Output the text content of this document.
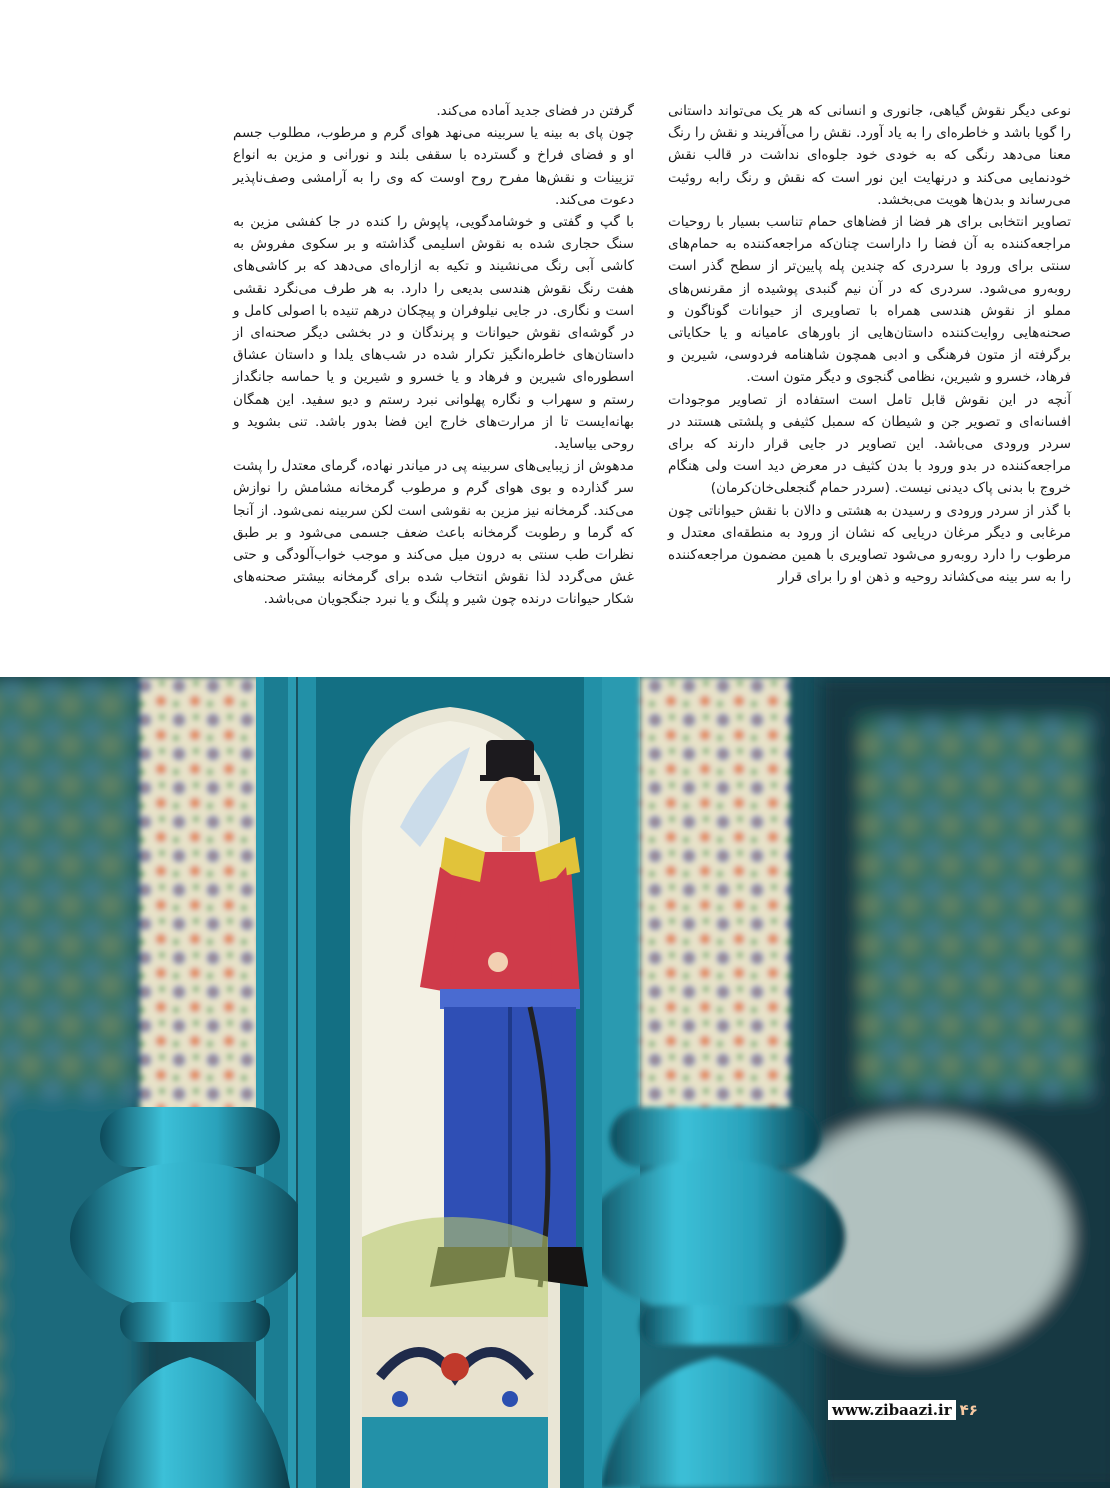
نوعی دیگر نقوش گیاهی، جانوری و انسانی که هر یک می‌تواند داستانی را گویا باشد و خاطره‌ای را به یاد آورد. نقش را می‌آفریند و نقش را رنگ معنا می‌دهد رنگی که به خودی خود جلوه‌ای نداشت در قالب نقش خودنمایی می‌کند و درنهایت این نور است که نقش و رنگ رابه روئیت می‌رساند و بدن‌ها هویت می‌بخشد.

تصاویر انتخابی برای هر فضا از فضاهای حمام تناسب بسیار با روحیات مراجعه‌کننده به آن فضا را داراست چنان‌که مراجعه‌کننده به حمام‌های سنتی برای ورود با سردری که چندین پله پایین‌تر از سطح گذر است روبه‌رو می‌شود. سردری که در آن نیم گنبدی پوشیده از مقرنس‌های مملو از نقوش هندسی همراه با تصاویری از حیوانات گوناگون و صحنه‌هایی روایت‌کننده داستان‌هایی از باورهای عامیانه و یا حکایاتی برگرفته از متون فرهنگی و ادبی همچون شاهنامه فردوسی، شیرین و فرهاد، خسرو و شیرین، نظامی گنجوی و دیگر متون است.

آنچه در این نقوش قابل تامل است استفاده از تصاویر موجودات افسانه‌ای و تصویر جن و شیطان که سمبل کثیفی و پلشتی هستند در سردر ورودی می‌باشد. این تصاویر در جایی قرار دارند که برای مراجعه‌کننده در بدو ورود با بدن کثیف در معرض دید است ولی هنگام خروج با بدنی پاک دیدنی نیست. (سردر حمام گنجعلی‌خان‌کرمان)

با گذر از سردر ورودی و رسیدن به هشتی و دالان با نقش حیواناتی چون مرغابی و دیگر مرغان دریایی که نشان از ورود به منطقه‌ای معتدل و مرطوب را دارد روبه‌رو می‌شود تصاویری با همین مضمون مراجعه‌کننده را به سر بینه می‌کشاند روحیه و ذهن او را برای قرار

گرفتن در فضای جدید آماده می‌کند.

چون پای به بینه یا سربینه می‌نهد هوای گرم و مرطوب، مطلوب جسم او و فضای فراخ و گسترده با سقفی بلند و نورانی و مزین به انواع تزیینات و نقش‌ها مفرح روح اوست که وی را به آرامشی وصف‌ناپذیر دعوت می‌کند.

با گپ و گفتی و خوشامدگویی، پاپوش را کنده در جا کفشی مزین به سنگ حجاری شده به نقوش اسلیمی گذاشته و بر سکوی مفروش به کاشی آبی رنگ می‌نشیند و تکیه به ازاره‌ای می‌دهد که بر کاشی‌های هفت رنگ نقوش هندسی بدیعی را دارد. به هر طرف می‌نگرد نقشی است و نگاری. در جایی نیلوفران و پیچکان درهم تنیده با اصولی کامل و در گوشه‌ای نقوش حیوانات و پرندگان و در بخشی دیگر صحنه‌ای از داستان‌های خاطره‌انگیز تکرار شده در شب‌های یلدا و داستان عشاق اسطوره‌ای شیرین و فرهاد و یا خسرو و شیرین و یا حماسه جانگداز رستم و سهراب و نگاره پهلوانی نبرد رستم و دیو سفید. این همگان بهانه‌ایست تا از مرارت‌های خارج این فضا بدور باشد. تنی بشوید و روحی بیاساید.

مدهوش از زیبایی‌های سربینه پی در میاندر نهاده، گرمای معتدل را پشت سر گذارده و بوی هوای گرم و مرطوب گرمخانه مشامش را نوازش می‌کند. گرمخانه نیز مزین به نقوشی است لکن سربینه نمی‌شود. از آنجا که گرما و رطوبت گرمخانه باعث ضعف جسمی می‌شود و بر طبق نظرات طب سنتی به درون میل می‌کند و موجب خواب‌آلودگی و حتی غش می‌گردد لذا نقوش انتخاب شده برای گرمخانه بیشتر صحنه‌های شکار حیوانات درنده چون شیر و پلنگ و یا نبرد جنگجویان می‌باشد.

www.zibaazi.ir ۴۶
